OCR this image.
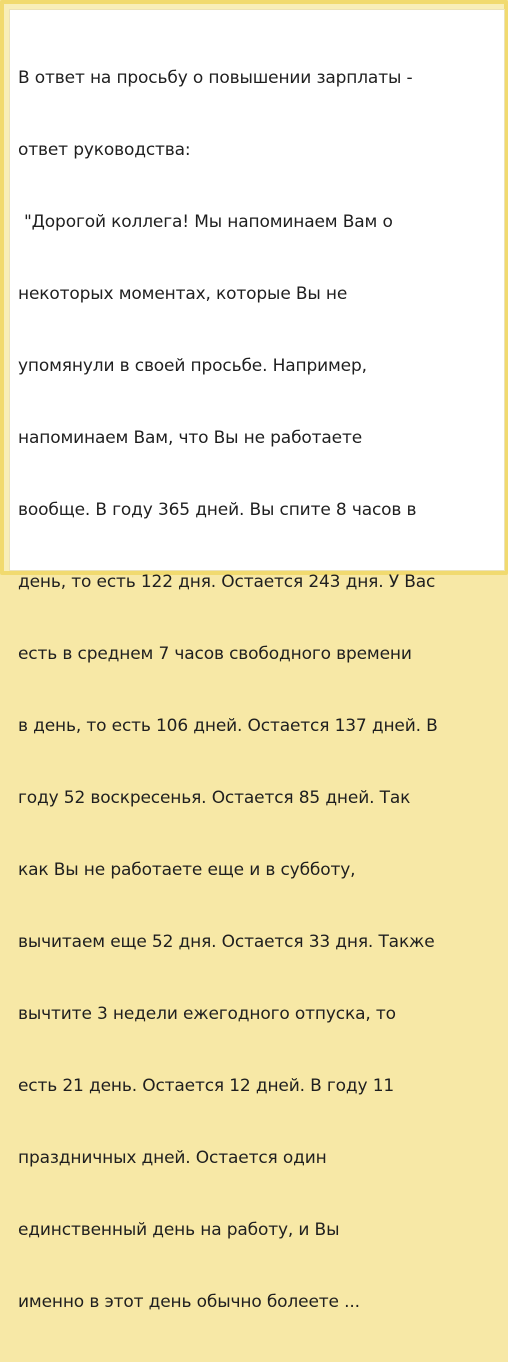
В ответ на просьбу о повышении зарплаты -

ответ руководства:

"Дорогой коллега! Мы напоминаем Вам о

некоторых моментах, которые Вы не

упомянули в своей просьбе. Например,

напоминаем Вам, что Вы не работаете

вообще. В году 365 дней. Вы спите 8 часов в

день, то есть 122 дня. Остается 243 дня. У Вас

есть в среднем 7 часов свободного времени

в день, то есть 106 дней. Остается 137 дней. В

году 52 воскресенья. Остается 85 дней. Так

как Вы не работаете еще и в субботу,

вычитаем еще 52 дня. Остается 33 дня. Также

вычтите 3 недели ежегодного отпуска, то

есть 21 день. Остается 12 дней. В году 11

праздничных дней. Остается один

единственный день на работу, и Вы

именно в этот день обычно болеете ...
